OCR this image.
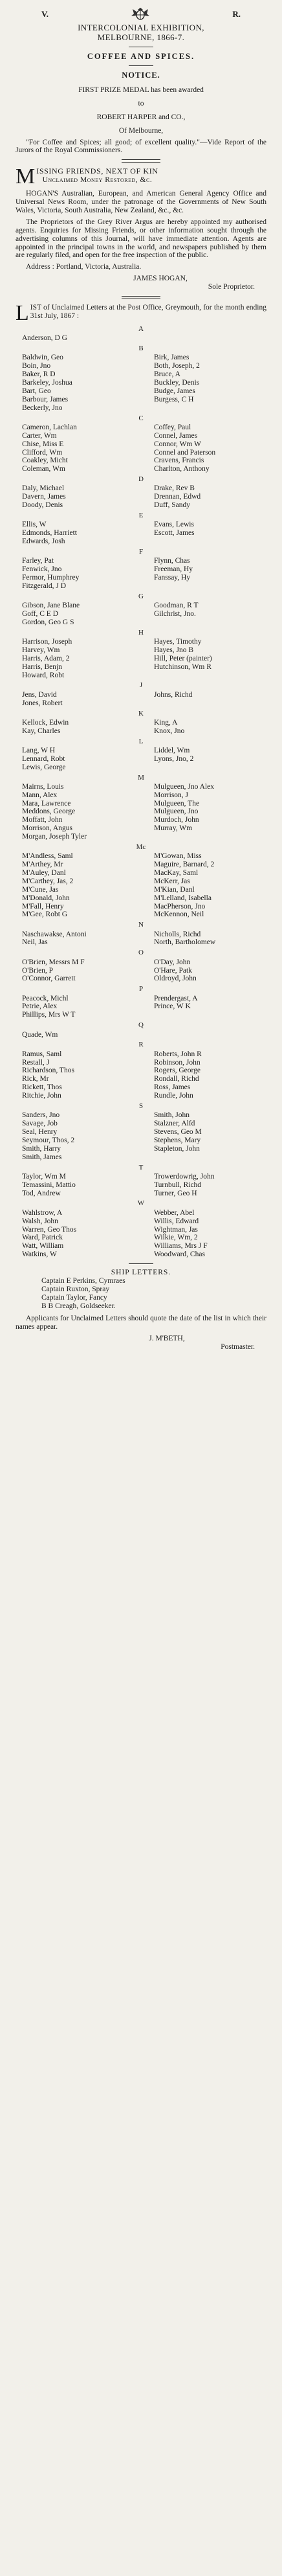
V.	R.
INTERCOLONIAL EXHIBITION,
MELBOURNE, 1866-7.
COFFEE AND SPICES.
NOTICE.
FIRST PRIZE MEDAL has been awarded
to
ROBERT HARPER and CO.,
Of Melbourne,
"For Coffee and Spices; all good; of excellent quality."—Vide Report of the Jurors of the Royal Commissioners.
M ISSING FRIENDS, NEXT OF KIN
Unclaimed Money Restored, &c.
HOGAN'S Australian, European, and American General Agency Office and Universal News Room, under the patronage of the Governments of New South Wales, Victoria, South Australia, New Zealand, &c., &c.
The Proprietors of the Grey River Argus are hereby appointed my authorised agents. Enquiries for Missing Friends, or other information sought through the advertising columns of this Journal, will have immediate attention. Agents are appointed in the principal towns in the world, and newspapers published by them are regularly filed, and open for the free inspection of the public.
Address : Portland, Victoria, Australia.
JAMES HOGAN,
Sole Proprietor.
L IST of Unclaimed Letters at the Post Office, Greymouth, for the month ending 31st July, 1867 :
A
Anderson, D G
B
Baldwin, Geo	Birk, James
Boin, Jno	Both, Joseph, 2
Baker, R D	Bruce, A
Barkeley, Joshua	Buckley, Denis
Bart, Geo	Budge, James
Barbour, James	Burgess, C H
Beckerly, Jno
C
Cameron, Lachlan	Coffey, Paul
Carter, Wm	Connel, James
Chise, Miss E	Connor, Wm W
Clifford, Wm	Connel and Paterson
Coakley, Micht	Cravens, Francis
Coleman, Wm	Charlton, Anthony
D
Daly, Michael	Drake, Rev B
Davern, James	Drennan, Edwd
Doody, Denis	Duff, Sandy
E
Ellis, W	Evans, Lewis
Edmonds, Harriett	Escott, James
Edwards, Josh
F
Farley, Pat	Flynn, Chas
Fenwick, Jno	Freeman, Hy
Fermor, Humphrey	Fanssay, Hy
Fitzgerald, J D
G
Gibson, Jane Blane	Goodman, R T
Goff, C E D	Gilchrist, Jno.
Gordon, Geo G S
H
Harrison, Joseph	Hayes, Timothy
Harvey, Wm	Hayes, Jno B
Harris, Adam, 2	Hill, Peter (painter)
Harris, Benjn	Hutchinson, Wm R
Howard, Robt
J
Jens, David	Johns, Richd
Jones, Robert
K
Kellock, Edwin	King, A
Kay, Charles	Knox, Jno
L
Lang, W H	Liddel, Wm
Lennard, Robt	Lyons, Jno, 2
Lewis, George
M
Mairns, Louis	Mulgueen, Jno Alex
Mann, Alex	Morrison, J
Mara, Lawrence	Mulgueen, The
Meddons, George	Mulgueen, Jno
Moffatt, John	Murdoch, John
Morrison, Angus	Murray, Wm
Morgan, Joseph Tyler
Mc
M'Andless, Saml	M'Gowan, Miss
M'Arthey, Mr	Maguire, Barnard, 2
M'Auley, Danl	MacKay, Saml
M'Carthey, Jas, 2	McKerr, Jas
M'Cune, Jas	M'Kian, Danl
M'Donald, John	M'Lelland, Isabella
M'Fall, Henry	MacPherson, Jno
M'Gee, Robt G	McKennon, Neil
N
Naschawakse, Antoni	Nicholls, Richd
Neil, Jas	North, Bartholomew
O
O'Brien, Messrs M F	O'Day, John
O'Brien, P	O'Hare, Patk
O'Connor, Garrett	Oldroyd, John
P
Peacock, Michl	Prendergast, A
Petrie, Alex	Prince, W K
Phillips, Mrs W T
Q
Quade, Wm
R
Ramus, Saml	Roberts, John R
Restall, J	Robinson, John
Richardson, Thos	Rogers, George
Rick, Mr	Rondall, Richd
Rickett, Thos	Ross, James
Ritchie, John	Rundle, John
S
Sanders, Jno	Smith, John
Savage, Job	Stalzner, Alfd
Seal, Henry	Stevens, Geo M
Seymour, Thos, 2	Stephens, Mary
Smith, Harry	Stapleton, John
Smith, James
T
Taylor, Wm M	Trowerdowrig, John
Temassini, Mattio	Turnbull, Richd
Tod, Andrew	Turner, Geo H
W
Wahlstrow, A	Webber, Abel
Walsh, John	Willis, Edward
Warren, Geo Thos	Wightman, Jas
Ward, Patrick	Wilkie, Wm, 2
Watt, William	Williams, Mrs J F
Watkins, W	Woodward, Chas
SHIP LETTERS.
Captain E Perkins, Cymraes
Captain Ruxton, Spray
Captain Taylor, Fancy
B B Creagh, Goldseeker.
Applicants for Unclaimed Letters should quote the date of the list in which their names appear.
J. M'BETH,
Postmaster.
